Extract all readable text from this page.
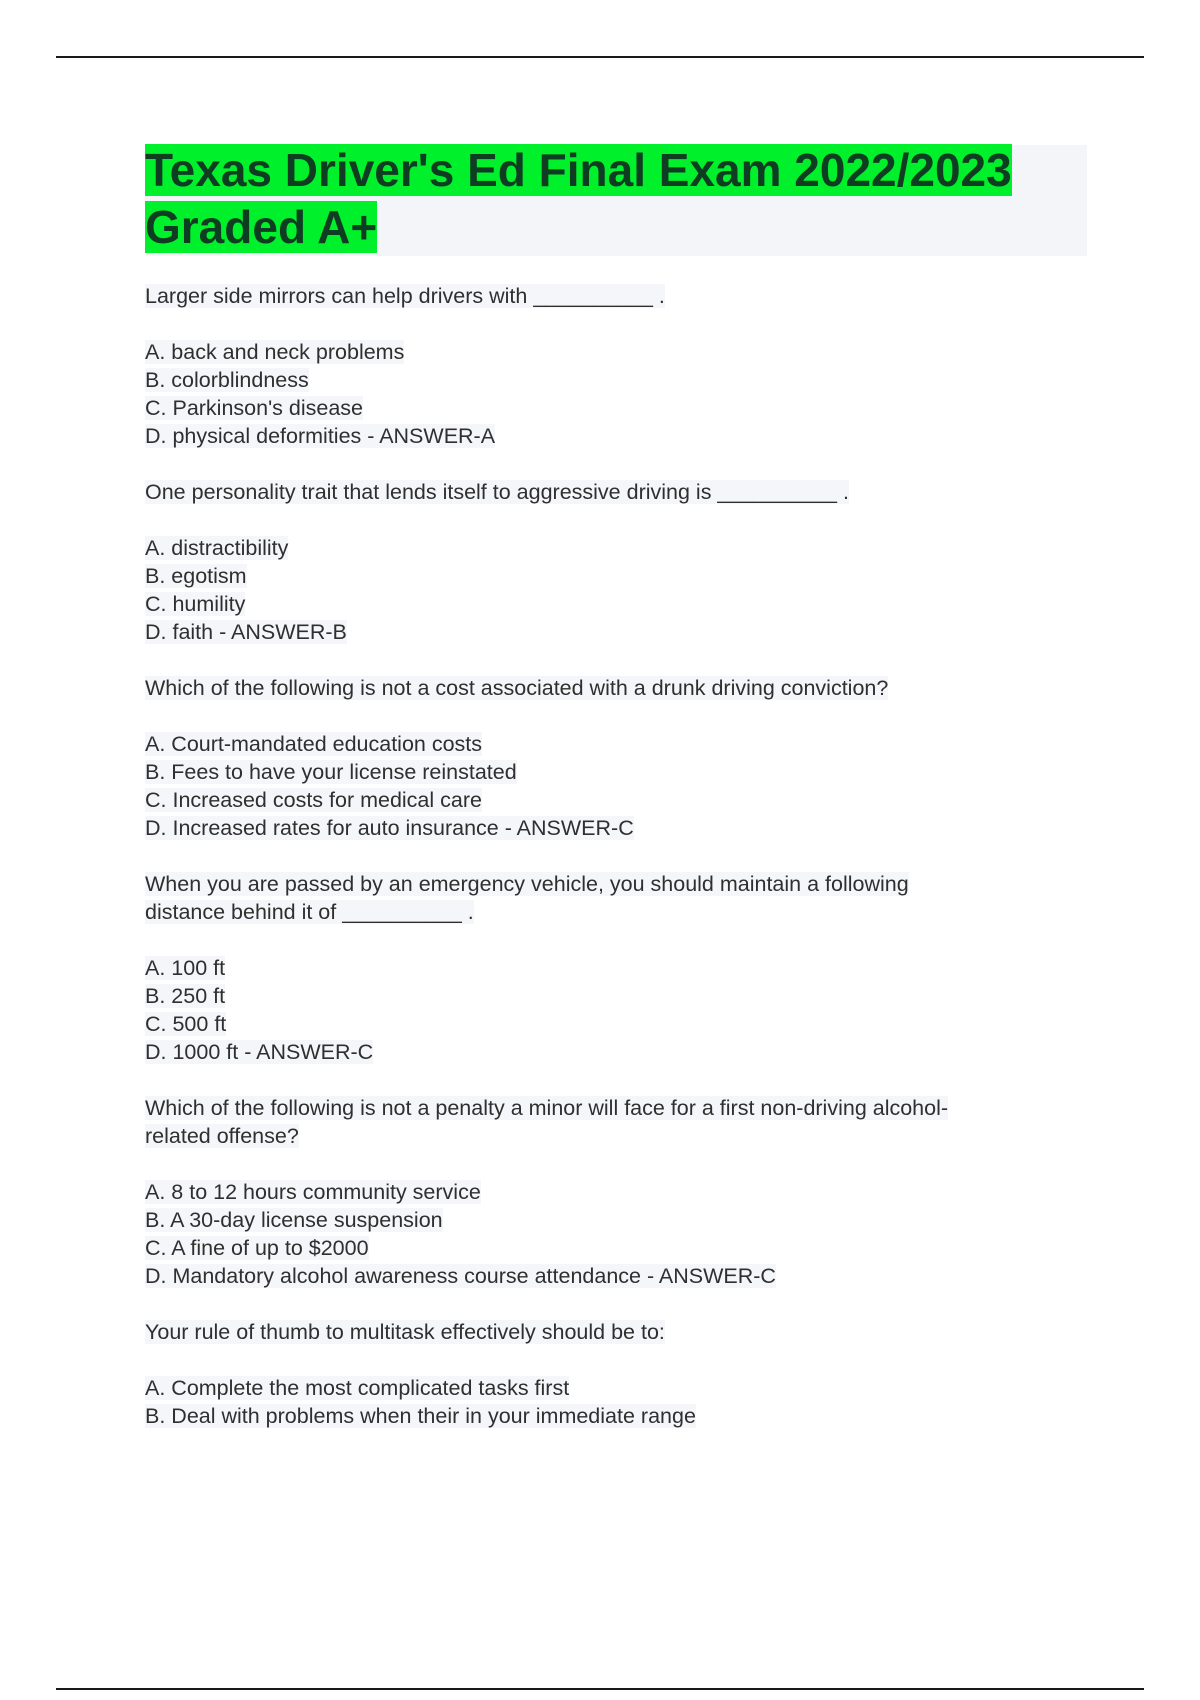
Texas Driver's Ed Final Exam 2022/2023
Graded A+

Larger side mirrors can help drivers with __________ .

A. back and neck problems

B. colorblindness

C. Parkinson's disease

D. physical deformities - ANSWER-A

One personality trait that lends itself to aggressive driving is __________ .

A. distractibility

B. egotism

C. humility

D. faith - ANSWER-B

Which of the following is not a cost associated with a drunk driving conviction?

A. Court-mandated education costs

B. Fees to have your license reinstated

C. Increased costs for medical care

D. Increased rates for auto insurance - ANSWER-C

When you are passed by an emergency vehicle, you should maintain a following

distance behind it of __________ .

A. 100 ft

B. 250 ft

C. 500 ft

D. 1000 ft - ANSWER-C

Which of the following is not a penalty a minor will face for a first non-driving alcohol-

related offense?

A. 8 to 12 hours community service

B. A 30-day license suspension

C. A fine of up to $2000

D. Mandatory alcohol awareness course attendance - ANSWER-C

Your rule of thumb to multitask effectively should be to:

A. Complete the most complicated tasks first

B. Deal with problems when their in your immediate range
